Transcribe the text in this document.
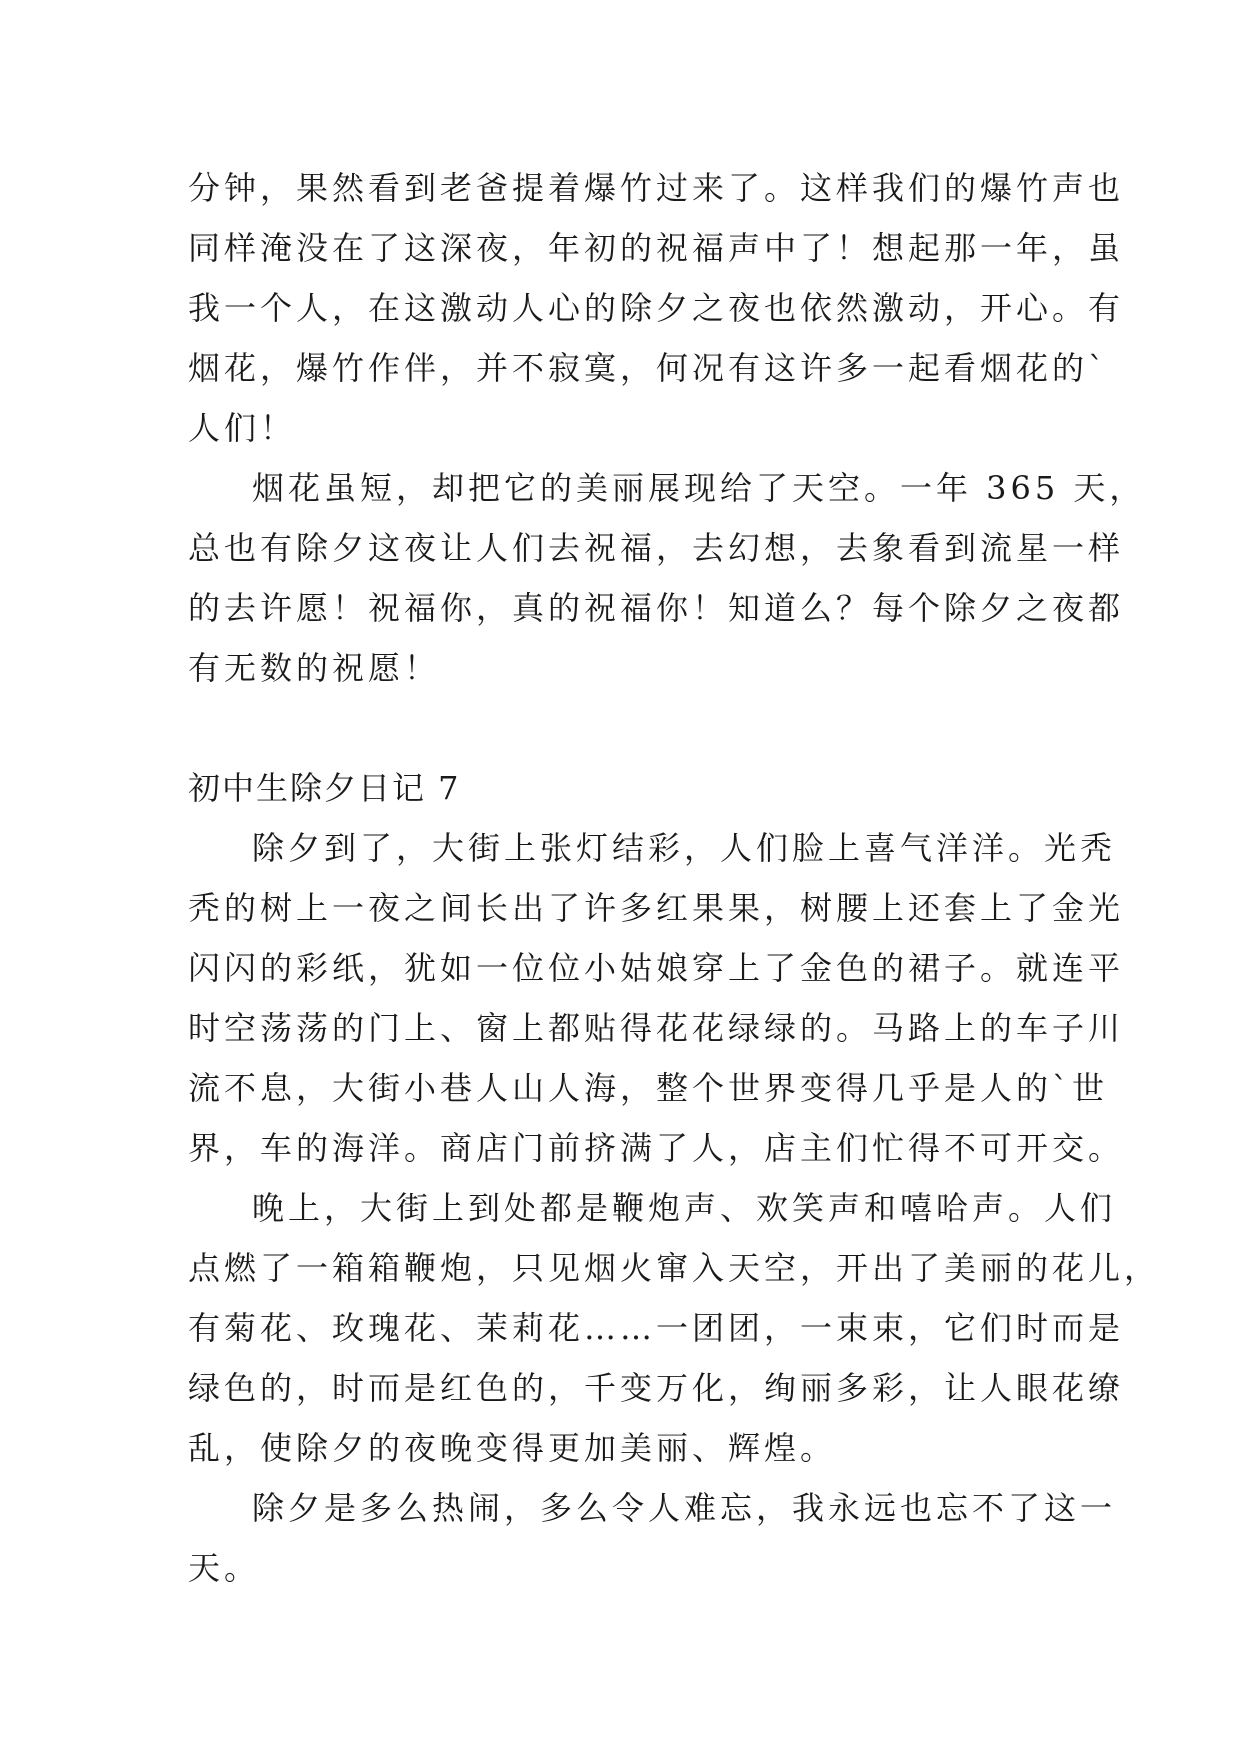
分钟，果然看到老爸提着爆竹过来了。这样我们的爆竹声也
同样淹没在了这深夜，年初的祝福声中了！想起那一年，虽
我一个人，在这激动人心的除夕之夜也依然激动，开心。有
烟花，爆竹作伴，并不寂寞，何况有这许多一起看烟花的`
人们！
烟花虽短，却把它的美丽展现给了天空。一年 365 天，
总也有除夕这夜让人们去祝福，去幻想，去象看到流星一样
的去许愿！祝福你，真的祝福你！知道么？每个除夕之夜都
有无数的祝愿！
初中生除夕日记 7
除夕到了，大街上张灯结彩，人们脸上喜气洋洋。光秃
秃的树上一夜之间长出了许多红果果，树腰上还套上了金光
闪闪的彩纸，犹如一位位小姑娘穿上了金色的裙子。就连平
时空荡荡的门上、窗上都贴得花花绿绿的。马路上的车子川
流不息，大街小巷人山人海，整个世界变得几乎是人的`世
界，车的海洋。商店门前挤满了人，店主们忙得不可开交。
晚上，大街上到处都是鞭炮声、欢笑声和嘻哈声。人们
点燃了一箱箱鞭炮，只见烟火窜入天空，开出了美丽的花儿，
有菊花、玫瑰花、茉莉花……一团团，一束束，它们时而是
绿色的，时而是红色的，千变万化，绚丽多彩，让人眼花缭
乱，使除夕的夜晚变得更加美丽、辉煌。
除夕是多么热闹，多么令人难忘，我永远也忘不了这一
天。
